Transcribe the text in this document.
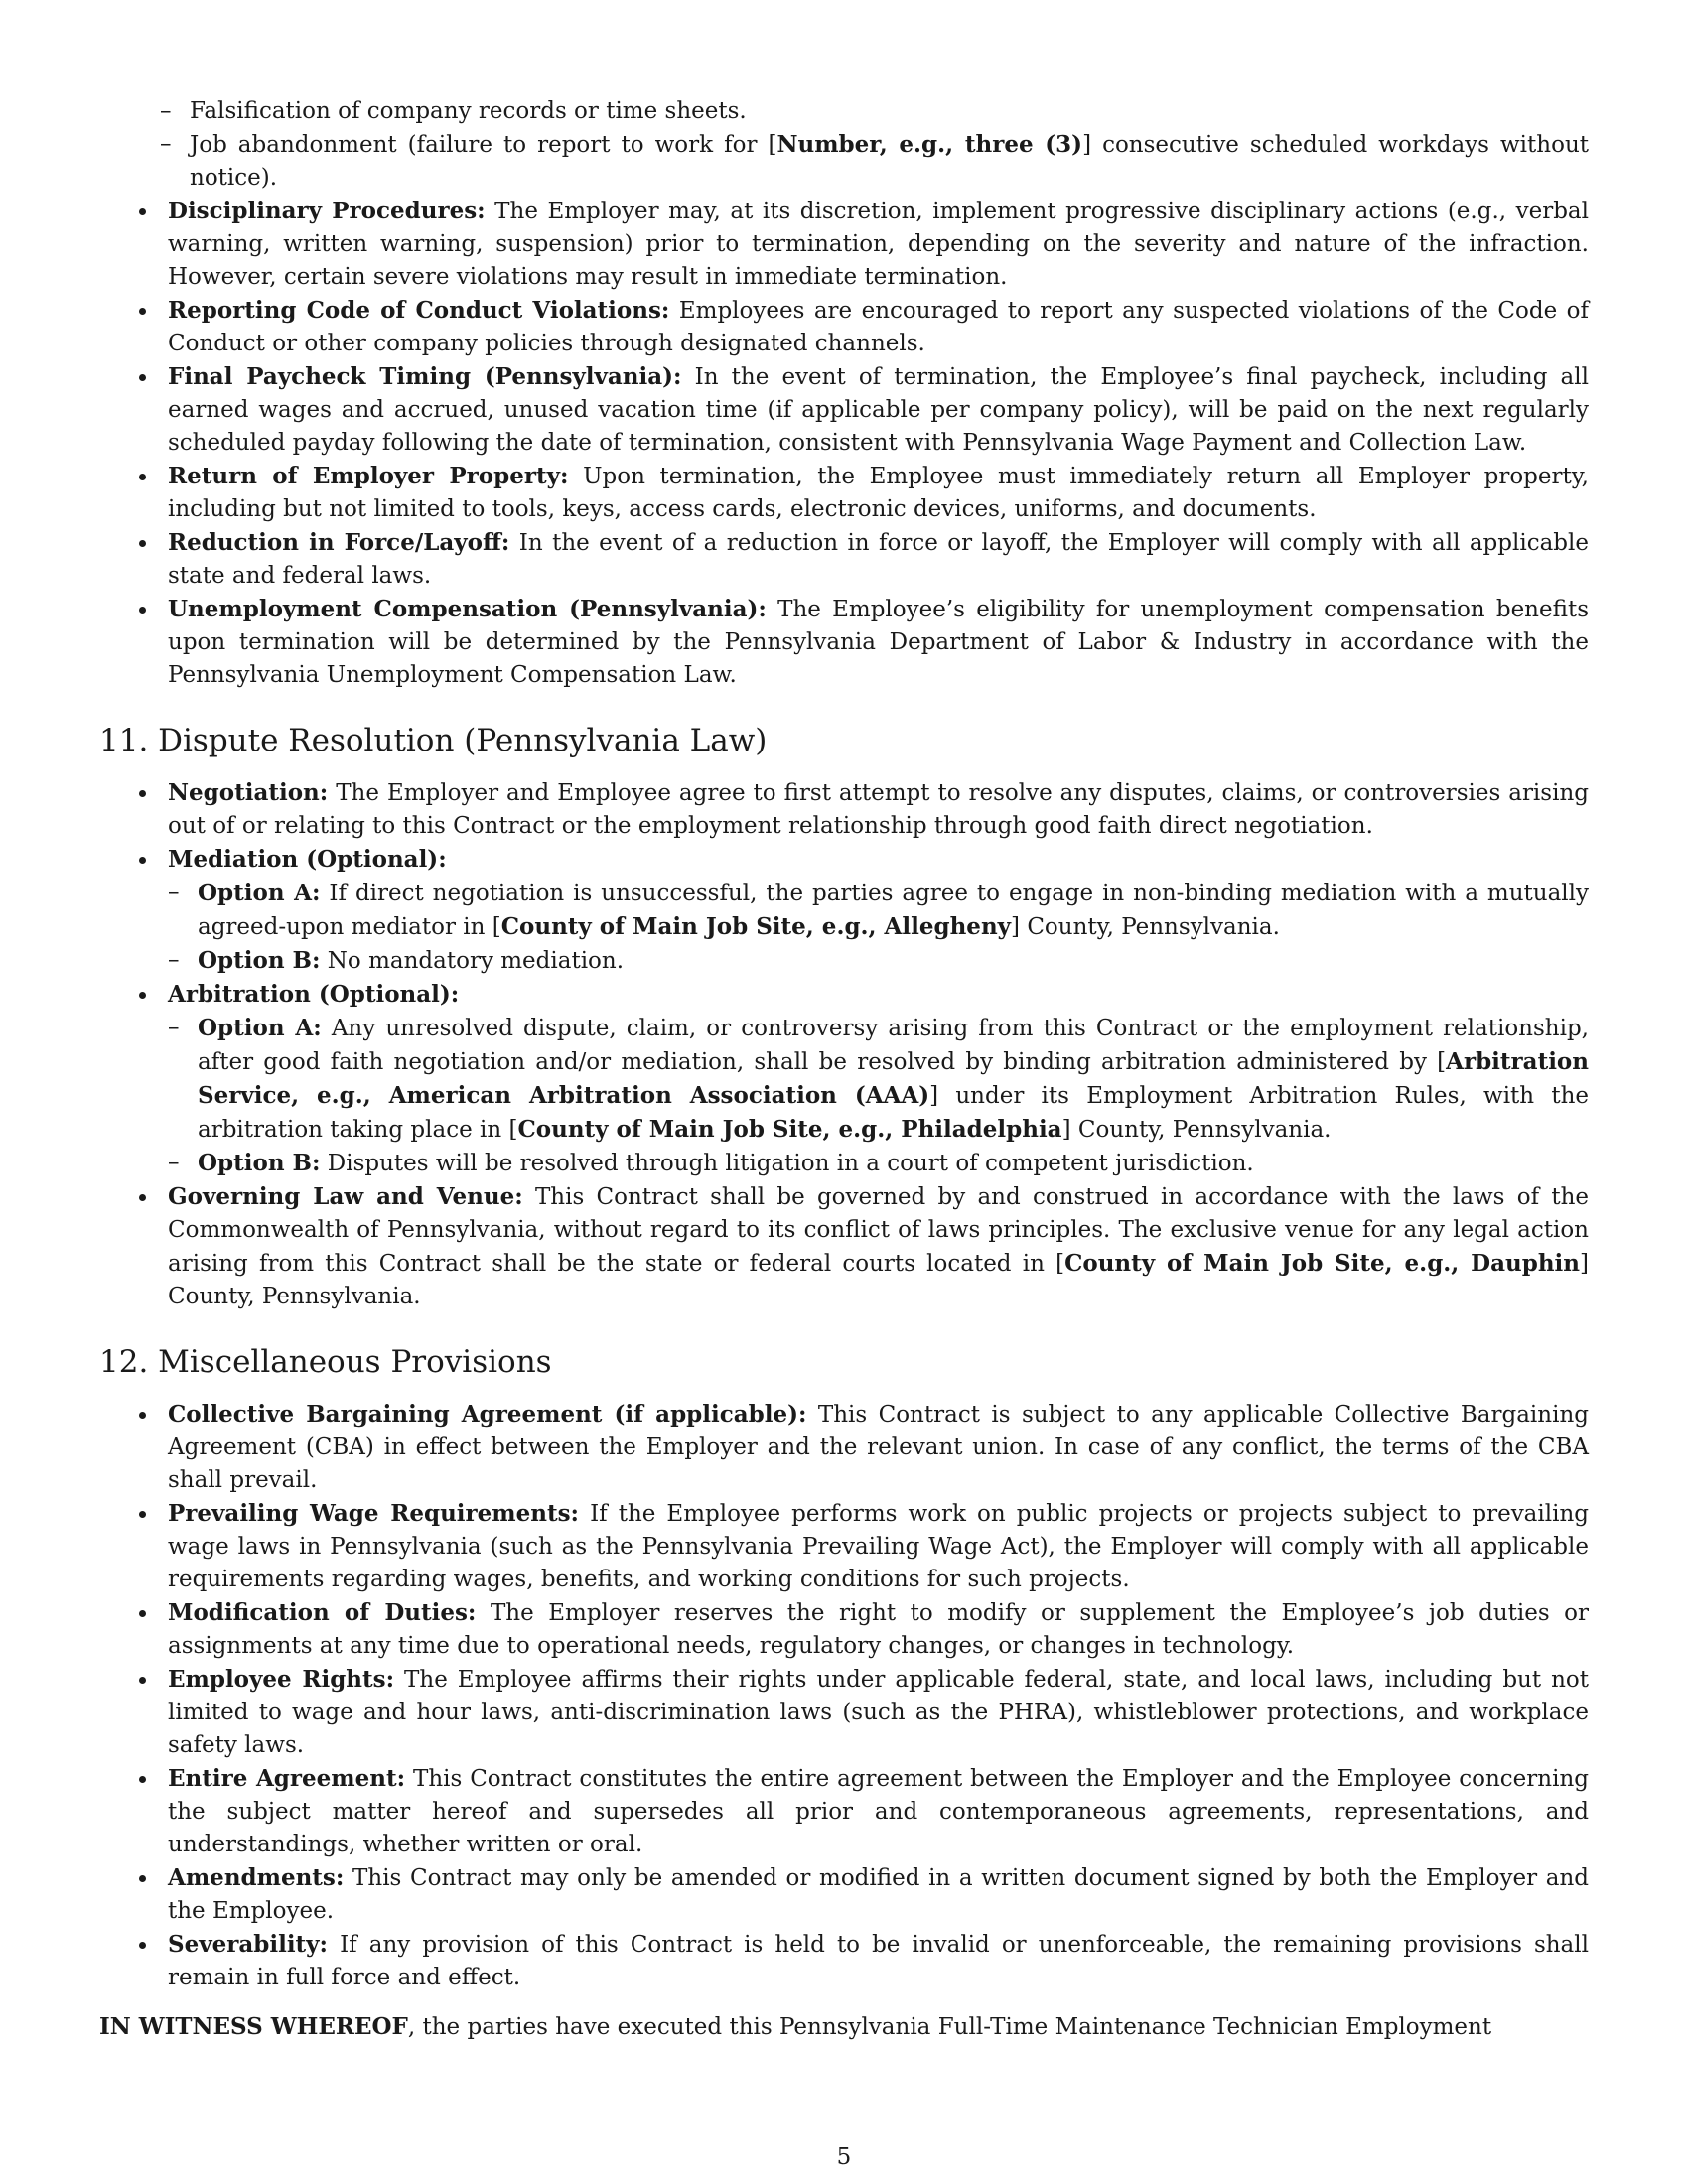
– Falsification of company records or time sheets.
– Job abandonment (failure to report to work for [Number, e.g., three (3)] consecutive scheduled workdays without notice).
Disciplinary Procedures: The Employer may, at its discretion, implement progressive disciplinary actions (e.g., verbal warning, written warning, suspension) prior to termination, depending on the severity and nature of the infraction. However, certain severe violations may result in immediate termination.
Reporting Code of Conduct Violations: Employees are encouraged to report any suspected violations of the Code of Conduct or other company policies through designated channels.
Final Paycheck Timing (Pennsylvania): In the event of termination, the Employee’s final paycheck, including all earned wages and accrued, unused vacation time (if applicable per company policy), will be paid on the next regularly scheduled payday following the date of termination, consistent with Pennsylvania Wage Payment and Collection Law.
Return of Employer Property: Upon termination, the Employee must immediately return all Employer property, including but not limited to tools, keys, access cards, electronic devices, uniforms, and documents.
Reduction in Force/Layoff: In the event of a reduction in force or layoff, the Employer will comply with all applicable state and federal laws.
Unemployment Compensation (Pennsylvania): The Employee’s eligibility for unemployment compensation benefits upon termination will be determined by the Pennsylvania Department of Labor & Industry in accordance with the Pennsylvania Unemployment Compensation Law.
11. Dispute Resolution (Pennsylvania Law)
Negotiation: The Employer and Employee agree to first attempt to resolve any disputes, claims, or controversies arising out of or relating to this Contract or the employment relationship through good faith direct negotiation.
Mediation (Optional):
– Option A: If direct negotiation is unsuccessful, the parties agree to engage in non-binding mediation with a mutually agreed-upon mediator in [County of Main Job Site, e.g., Allegheny] County, Pennsylvania.
– Option B: No mandatory mediation.
Arbitration (Optional):
– Option A: Any unresolved dispute, claim, or controversy arising from this Contract or the employment relationship, after good faith negotiation and/or mediation, shall be resolved by binding arbitration administered by [Arbitration Service, e.g., American Arbitration Association (AAA)] under its Employment Arbitration Rules, with the arbitration taking place in [County of Main Job Site, e.g., Philadelphia] County, Pennsylvania.
– Option B: Disputes will be resolved through litigation in a court of competent jurisdiction.
Governing Law and Venue: This Contract shall be governed by and construed in accordance with the laws of the Commonwealth of Pennsylvania, without regard to its conflict of laws principles. The exclusive venue for any legal action arising from this Contract shall be the state or federal courts located in [County of Main Job Site, e.g., Dauphin] County, Pennsylvania.
12. Miscellaneous Provisions
Collective Bargaining Agreement (if applicable): This Contract is subject to any applicable Collective Bargaining Agreement (CBA) in effect between the Employer and the relevant union. In case of any conflict, the terms of the CBA shall prevail.
Prevailing Wage Requirements: If the Employee performs work on public projects or projects subject to prevailing wage laws in Pennsylvania (such as the Pennsylvania Prevailing Wage Act), the Employer will comply with all applicable requirements regarding wages, benefits, and working conditions for such projects.
Modification of Duties: The Employer reserves the right to modify or supplement the Employee’s job duties or assignments at any time due to operational needs, regulatory changes, or changes in technology.
Employee Rights: The Employee affirms their rights under applicable federal, state, and local laws, including but not limited to wage and hour laws, anti-discrimination laws (such as the PHRA), whistleblower protections, and workplace safety laws.
Entire Agreement: This Contract constitutes the entire agreement between the Employer and the Employee concerning the subject matter hereof and supersedes all prior and contemporaneous agreements, representations, and understandings, whether written or oral.
Amendments: This Contract may only be amended or modified in a written document signed by both the Employer and the Employee.
Severability: If any provision of this Contract is held to be invalid or unenforceable, the remaining provisions shall remain in full force and effect.

IN WITNESS WHEREOF, the parties have executed this Pennsylvania Full-Time Maintenance Technician Employment

5
